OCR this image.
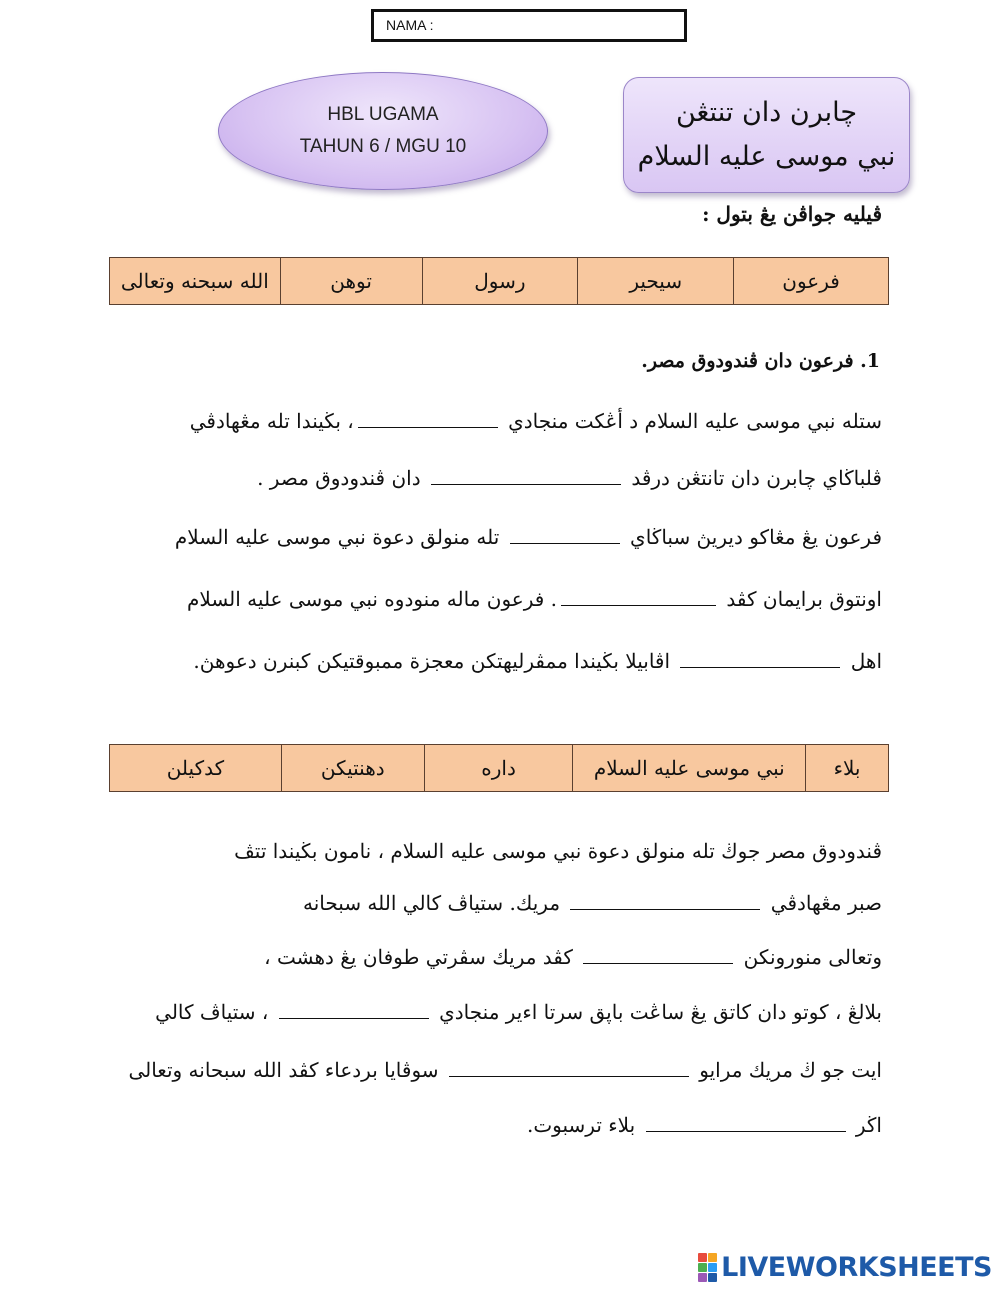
NAMA :
HBL UGAMA
TAHUN 6 / MGU 10
چابرن دان تنتڠن
نبي موسى عليه السلام
ڤيليه جواڤن يڠ بتول :
فرعون	سيحير	رسول	توهن	الله سبحنه وتعالى
1. فرعون دان ڤندودوق مصر.
ستله نبي موسى عليه السلام د أڠكت منجادي ، بڬيندا تله مڠهادڤي
ڤلباڬاي چابرن دان تانتڠن درڤد  دان ڤندودوق مصر .
فرعون يڠ مڠاكو ديريڽ سباڬاي  تله منولق دعوة نبي موسى عليه السلام
اونتوق برايمان كڤد . فرعون ماله منودوه نبي موسى عليه السلام
اهل  اڤابيلا بڬيندا ممڤرليهتكن معجزة ممبوقتيكن كبنرن دعوهڽ.
بلاء	نبي موسى عليه السلام	داره	دهنتيكن	كدكيلن
ڤندودوق مصر جوڬ تله منولق دعوة نبي موسى عليه السلام ، نامون بڬيندا تتڤ
صبر مڠهادڤي  مريك. ستياڤ كالي الله سبحانه
وتعالى منورونكن  كڤد مريك سڤرتي طوفان يڠ دهشت ،
بلالڠ ، كوتو دان كاتق يڠ ساڠت باڽق سرتا اءير منجادي  ، ستياڤ كالي
ايت جو ڬ مريك مرايو  سوڤايا بردعاء كڤد الله سبحانه وتعالى
اڬر  بلاء ترسبوت.
LIVEWORKSHEETS
